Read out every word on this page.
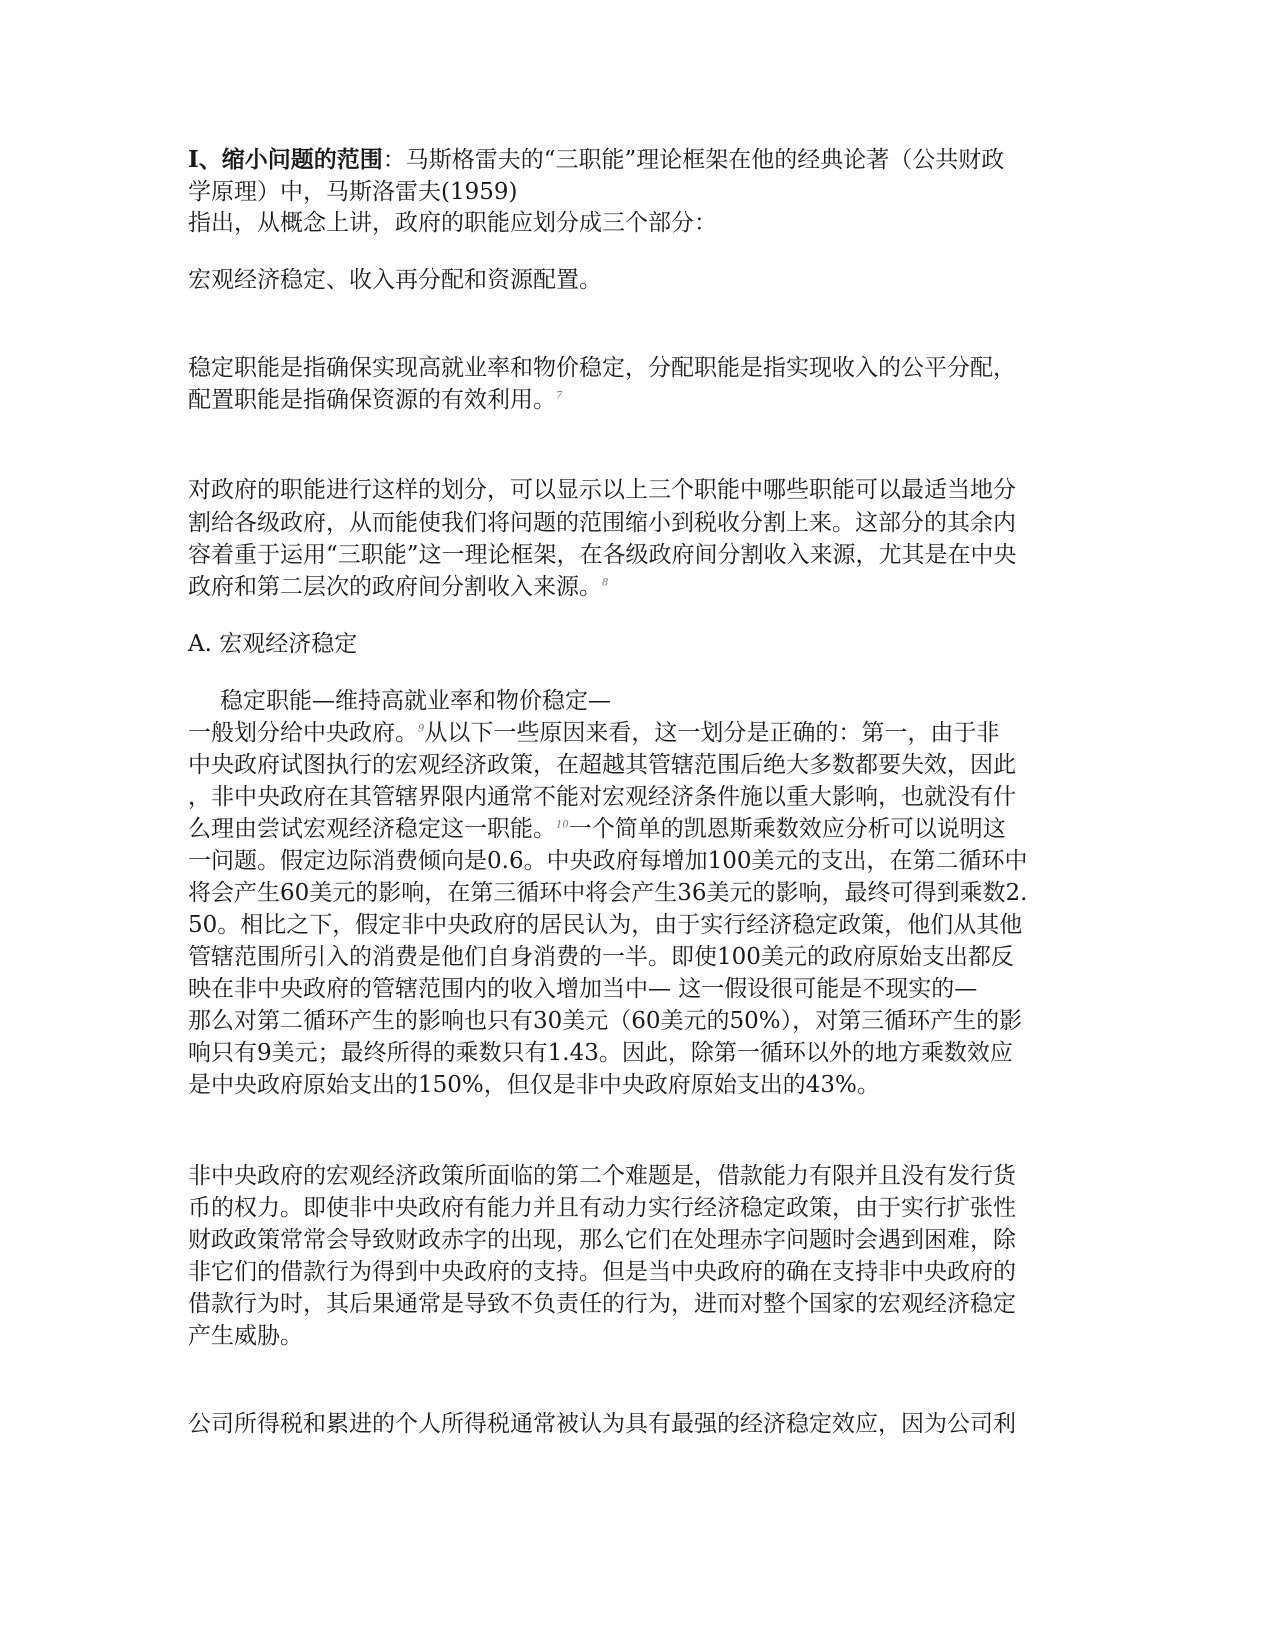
Ⅰ、缩小问题的范围：马斯格雷夫的“三职能”理论框架在他的经典论著（公共财政
学原理）中，马斯洛雷夫(1959)
指出，从概念上讲，政府的职能应划分成三个部分：
宏观经济稳定、收入再分配和资源配置。
稳定职能是指确保实现高就业率和物价稳定，分配职能是指实现收入的公平分配，
配置职能是指确保资源的有效利用。$^7$
对政府的职能进行这样的划分，可以显示以上三个职能中哪些职能可以最适当地分
割给各级政府，从而能使我们将问题的范围缩小到税收分割上来。这部分的其余内
容着重于运用“三职能”这一理论框架，在各级政府间分割收入来源，尤其是在中央
政府和第二层次的政府间分割收入来源。$^8$
A. 宏观经济稳定
稳定职能—维持高就业率和物价稳定—
一般划分给中央政府。$^9$从以下一些原因来看，这一划分是正确的：第一，由于非
中央政府试图执行的宏观经济政策，在超越其管辖范围后绝大多数都要失效，因此
，非中央政府在其管辖界限内通常不能对宏观经济条件施以重大影响，也就没有什
么理由尝试宏观经济稳定这一职能。$^{10}$一个简单的凯恩斯乘数效应分析可以说明这
一问题。假定边际消费倾向是0.6。中央政府每增加100美元的支出，在第二循环中
将会产生60美元的影响，在第三循环中将会产生36美元的影响，最终可得到乘数2.
50。相比之下，假定非中央政府的居民认为，由于实行经济稳定政策，他们从其他
管辖范围所引入的消费是他们自身消费的一半。即使100美元的政府原始支出都反
映在非中央政府的管辖范围内的收入增加当中— 这一假设很可能是不现实的—
那么对第二循环产生的影响也只有30美元（60美元的50%），对第三循环产生的影
响只有9美元；最终所得的乘数只有1.43。因此，除第一循环以外的地方乘数效应
是中央政府原始支出的150%，但仅是非中央政府原始支出的43%。
非中央政府的宏观经济政策所面临的第二个难题是，借款能力有限并且没有发行货
币的权力。即使非中央政府有能力并且有动力实行经济稳定政策，由于实行扩张性
财政政策常常会导致财政赤字的出现，那么它们在处理赤字问题时会遇到困难，除
非它们的借款行为得到中央政府的支持。但是当中央政府的确在支持非中央政府的
借款行为时，其后果通常是导致不负责任的行为，进而对整个国家的宏观经济稳定
产生威胁。
公司所得税和累进的个人所得税通常被认为具有最强的经济稳定效应，因为公司利
